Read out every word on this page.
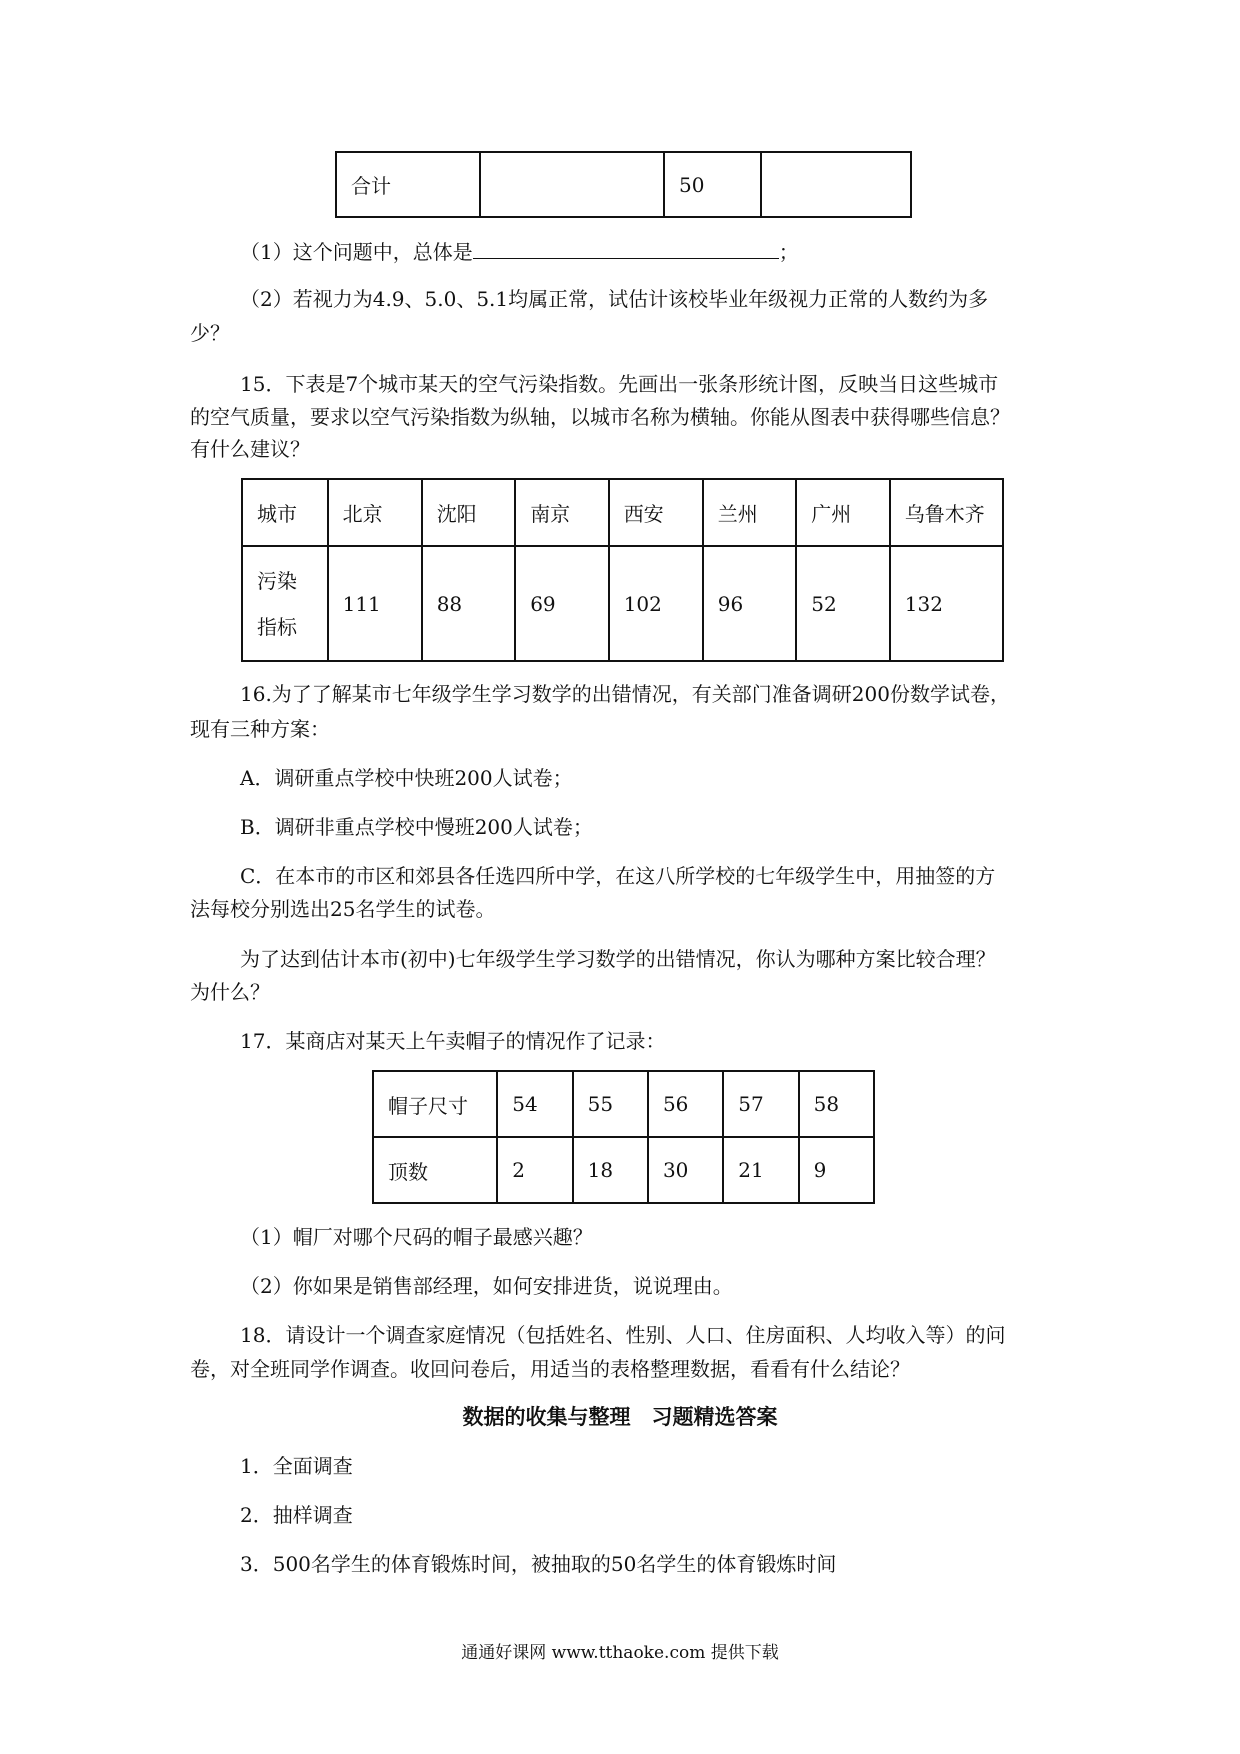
合计		50	
（1）这个问题中，总体是	；
（2）若视力为4.9、5.0、5.1均属正常，试估计该校毕业年级视力正常的人数约为多
少？
15．下表是7个城市某天的空气污染指数。先画出一张条形统计图，反映当日这些城市
的空气质量，要求以空气污染指数为纵轴，以城市名称为横轴。你能从图表中获得哪些信息？
有什么建议？
城市	北京	沈阳	南京	西安	兰州	广州	乌鲁木齐

污染
指标	111	88	69	102	96	52	132
16.为了了解某市七年级学生学习数学的出错情况，有关部门准备调研200份数学试卷，
现有三种方案：
A．调研重点学校中快班200人试卷；
B．调研非重点学校中慢班200人试卷；
C．在本市的市区和郊县各任选四所中学，在这八所学校的七年级学生中，用抽签的方
法每校分别选出25名学生的试卷。
为了达到估计本市(初中)七年级学生学习数学的出错情况，你认为哪种方案比较合理？
为什么？
17．某商店对某天上午卖帽子的情况作了记录：
帽子尺寸	54	55	56	57	58
顶数	2	18	30	21	9
（1）帽厂对哪个尺码的帽子最感兴趣？
（2）你如果是销售部经理，如何安排进货，说说理由。
18．请设计一个调查家庭情况（包括姓名、性别、人口、住房面积、人均收入等）的问
卷，对全班同学作调查。收回问卷后，用适当的表格整理数据，看看有什么结论？
数据的收集与整理　习题精选答案
1．全面调查
2．抽样调查
3．500名学生的体育锻炼时间，被抽取的50名学生的体育锻炼时间
通通好课网 www.tthaoke.com 提供下载
